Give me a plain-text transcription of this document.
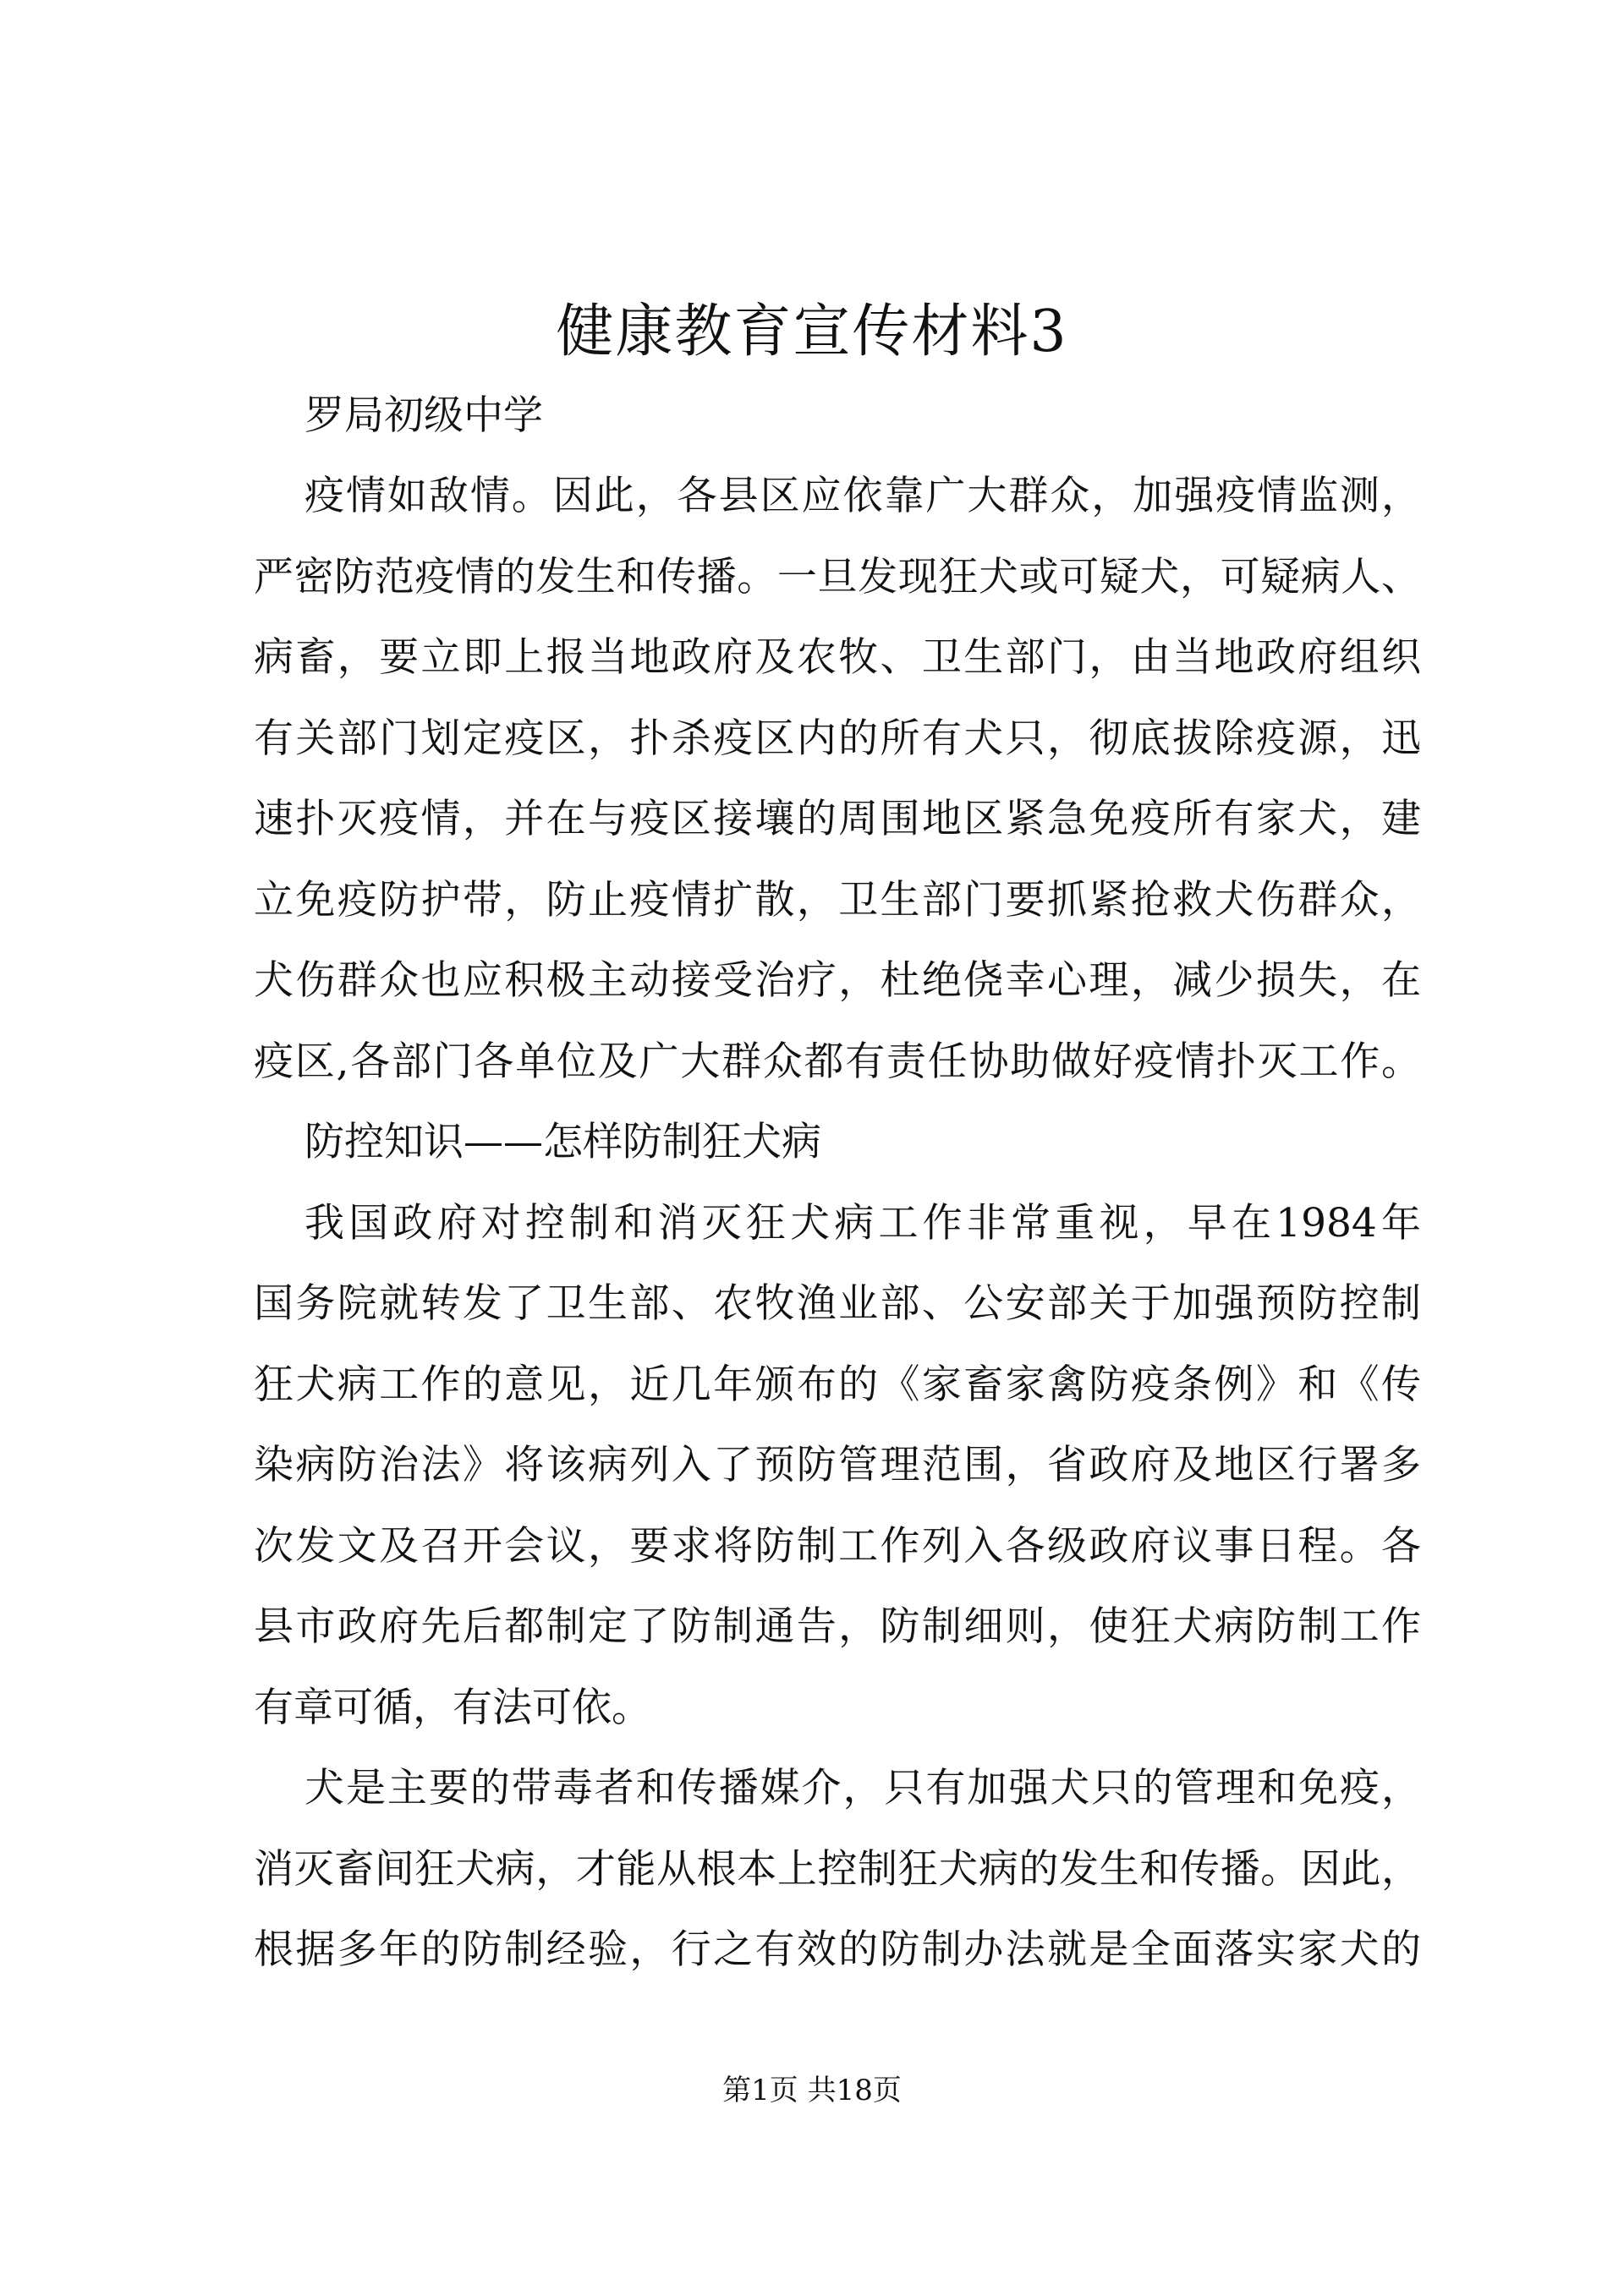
健康教育宣传材料3

罗局初级中学

疫情如敌情。因此，各县区应依靠广大群众，加强疫情监测，

严密防范疫情的发生和传播。一旦发现狂犬或可疑犬，可疑病人、

病畜，要立即上报当地政府及农牧、卫生部门，由当地政府组织

有关部门划定疫区，扑杀疫区内的所有犬只，彻底拔除疫源，迅

速扑灭疫情，并在与疫区接壤的周围地区紧急免疫所有家犬，建

立免疫防护带，防止疫情扩散，卫生部门要抓紧抢救犬伤群众，

犬伤群众也应积极主动接受治疗，杜绝侥幸心理，减少损失，在

疫区,各部门各单位及广大群众都有责任协助做好疫情扑灭工作。

防控知识——怎样防制狂犬病

我国政府对控制和消灭狂犬病工作非常重视，早在1984年

国务院就转发了卫生部、农牧渔业部、公安部关于加强预防控制

狂犬病工作的意见，近几年颁布的《家畜家禽防疫条例》和《传

染病防治法》将该病列入了预防管理范围，省政府及地区行署多

次发文及召开会议，要求将防制工作列入各级政府议事日程。各

县市政府先后都制定了防制通告，防制细则，使狂犬病防制工作

有章可循，有法可依。

犬是主要的带毒者和传播媒介，只有加强犬只的管理和免疫，

消灭畜间狂犬病，才能从根本上控制狂犬病的发生和传播。因此，

根据多年的防制经验，行之有效的防制办法就是全面落实家犬的

第1页 共18页
